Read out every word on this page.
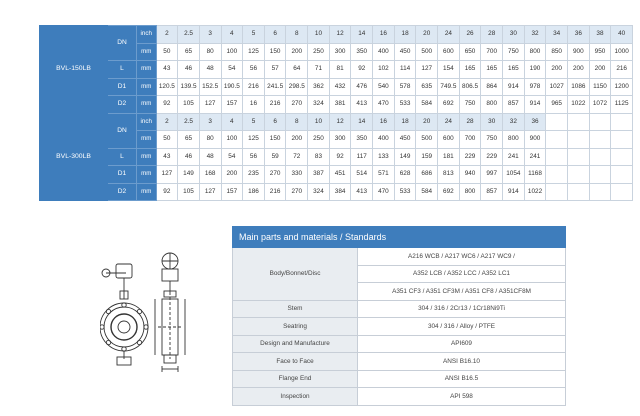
BVL-150LB	DN	inch	2	2.5	3	4	5	6	8	10	12	14	16	18	20	24	26	28	30	32	34	36	38	40
		mm	50	65	80	100	125	150	200	250	300	350	400	450	500	600	650	700	750	800	850	900	950	1000
	L	mm	43	46	48	54	56	57	64	71	81	92	102	114	127	154	165	165	165	190	200	200	200	216
	D1	mm	120.5	139.5	152.5	190.5	216	241.5	298.5	362	432	476	540	578	635	749.5	806.5	864	914	978	1027	1086	1150	1200
	D2	mm	92	105	127	157	16	216	270	324	381	413	470	533	584	692	750	800	857	914	965	1022	1072	1125
BVL-300LB	DN	inch	2	2.5	3	4	5	6	8	10	12	14	16	18	20	24	28	30	32	36				
		mm	50	65	80	100	125	150	200	250	300	350	400	450	500	600	700	750	800	900				
	L	mm	43	46	48	54	56	59	72	83	92	117	133	149	159	181	229	229	241	241				
	D1	mm	127	149	168	200	235	270	330	387	451	514	571	628	686	813	940	997	1054	1168				
	D2	mm	92	105	127	157	186	216	270	324	384	413	470	533	584	692	800	857	914	1022				
Main parts and materials / Standards	
Body/Bonnet/Disc	A216 WCB / A217 WC6 / A217 WC9 /
	A352 LCB / A352 LCC / A352 LC1
	A351 CF3 / A351 CF3M / A351 CF8 / A351CF8M
Stem	304 / 316 / 2Cr13 / 1Cr18Ni9Ti
Seatring	304 / 316 / Alloy / PTFE
Design and Manufacture	API609
Face to Face	ANSI B16.10
Flange End	ANSI B16.5
Inspection	API 598
